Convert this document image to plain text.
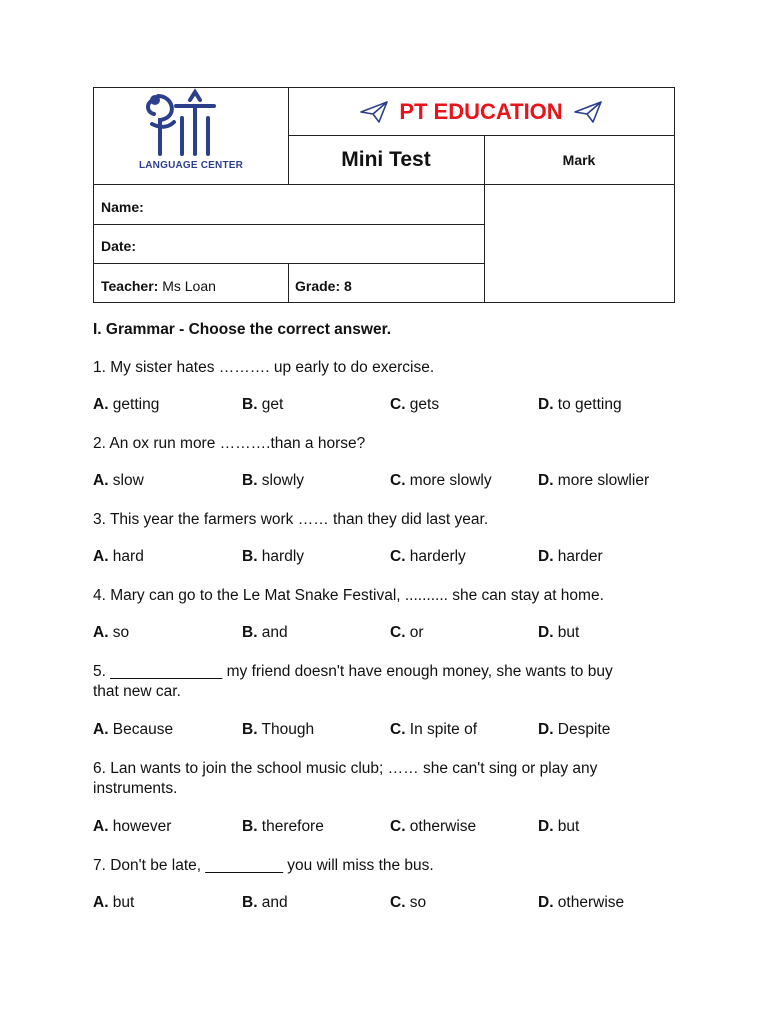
LANGUAGE CENTER
PT EDUCATION
Mini Test	Mark
Name:
Date:
Teacher: Ms Loan	Grade: 8
I. Grammar - Choose the correct answer.
1. My sister hates ………. up early to do exercise.
A. getting	B. get	C. gets	D. to getting
2. An ox run more ……….than a horse?
A. slow	B. slowly	C. more slowly	D. more slowlier
3. This year the farmers work …… than they did last year.
A. hard	B. hardly	C. harderly	D. harder
4. Mary can go to the Le Mat Snake Festival, .......... she can stay at home.
A. so	B. and	C. or	D. but
5. _____________ my friend doesn't have enough money, she wants to buy
that new car.
A. Because	B. Though	C. In spite of	D. Despite
6. Lan wants to join the school music club; …… she can't sing or play any
instruments.
A. however	B. therefore	C. otherwise	D. but
7. Don't be late, _________ you will miss the bus.
A. but	B. and	C. so	D. otherwise
